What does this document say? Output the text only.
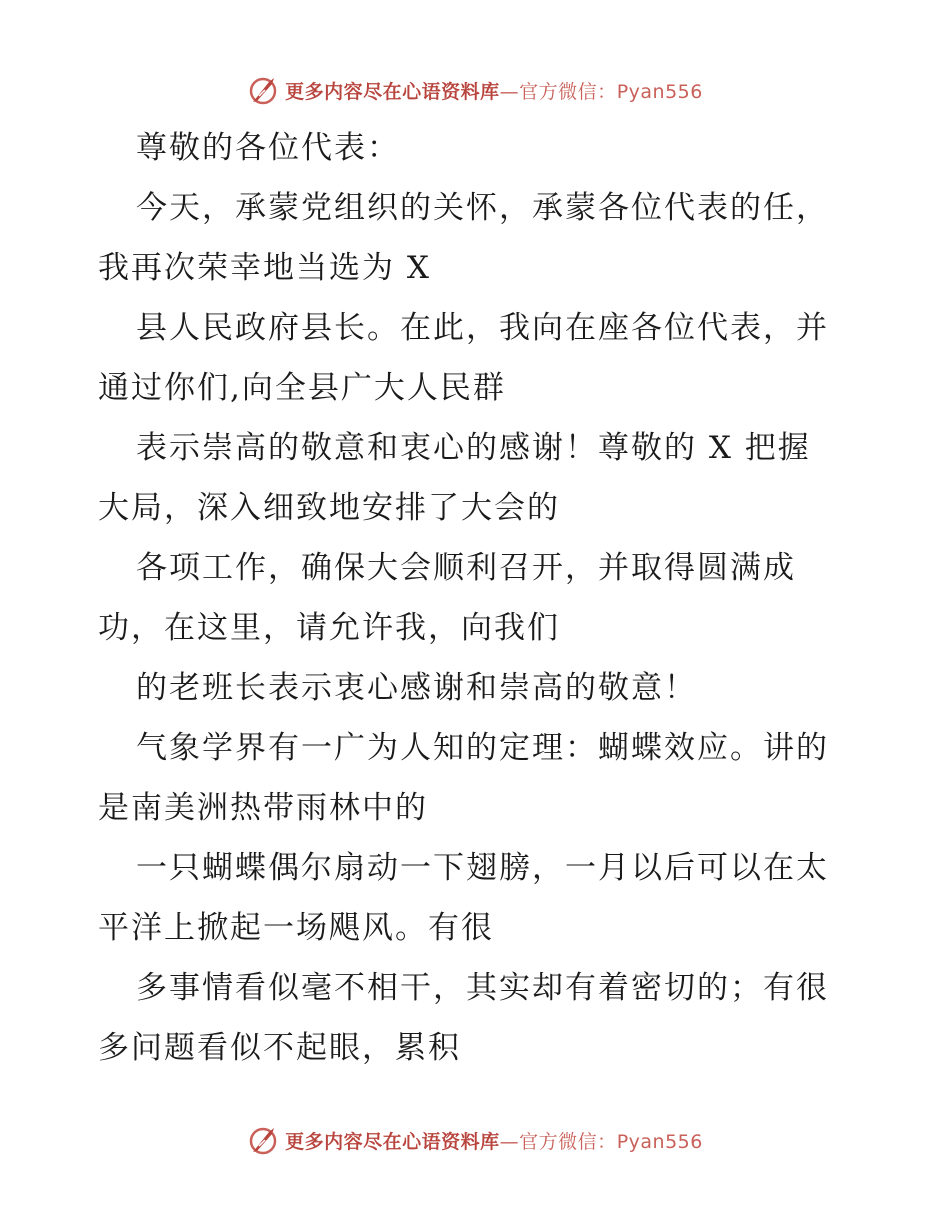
更多内容尽在心语资料库—官方微信：Pyan556

尊敬的各位代表：

今天，承蒙党组织的关怀，承蒙各位代表的任，
我再次荣幸地当选为 X

县人民政府县长。在此，我向在座各位代表，并
通过你们,向全县广大人民群

表示崇高的敬意和衷心的感谢！尊敬的 X 把握
大局，深入细致地安排了大会的

各项工作，确保大会顺利召开，并取得圆满成
功，在这里，请允许我，向我们

的老班长表示衷心感谢和崇高的敬意！

气象学界有一广为人知的定理：蝴蝶效应。讲的
是南美洲热带雨林中的

一只蝴蝶偶尔扇动一下翅膀，一月以后可以在太
平洋上掀起一场飓风。有很

多事情看似毫不相干，其实却有着密切的；有很
多问题看似不起眼，累积

更多内容尽在心语资料库—官方微信：Pyan556
